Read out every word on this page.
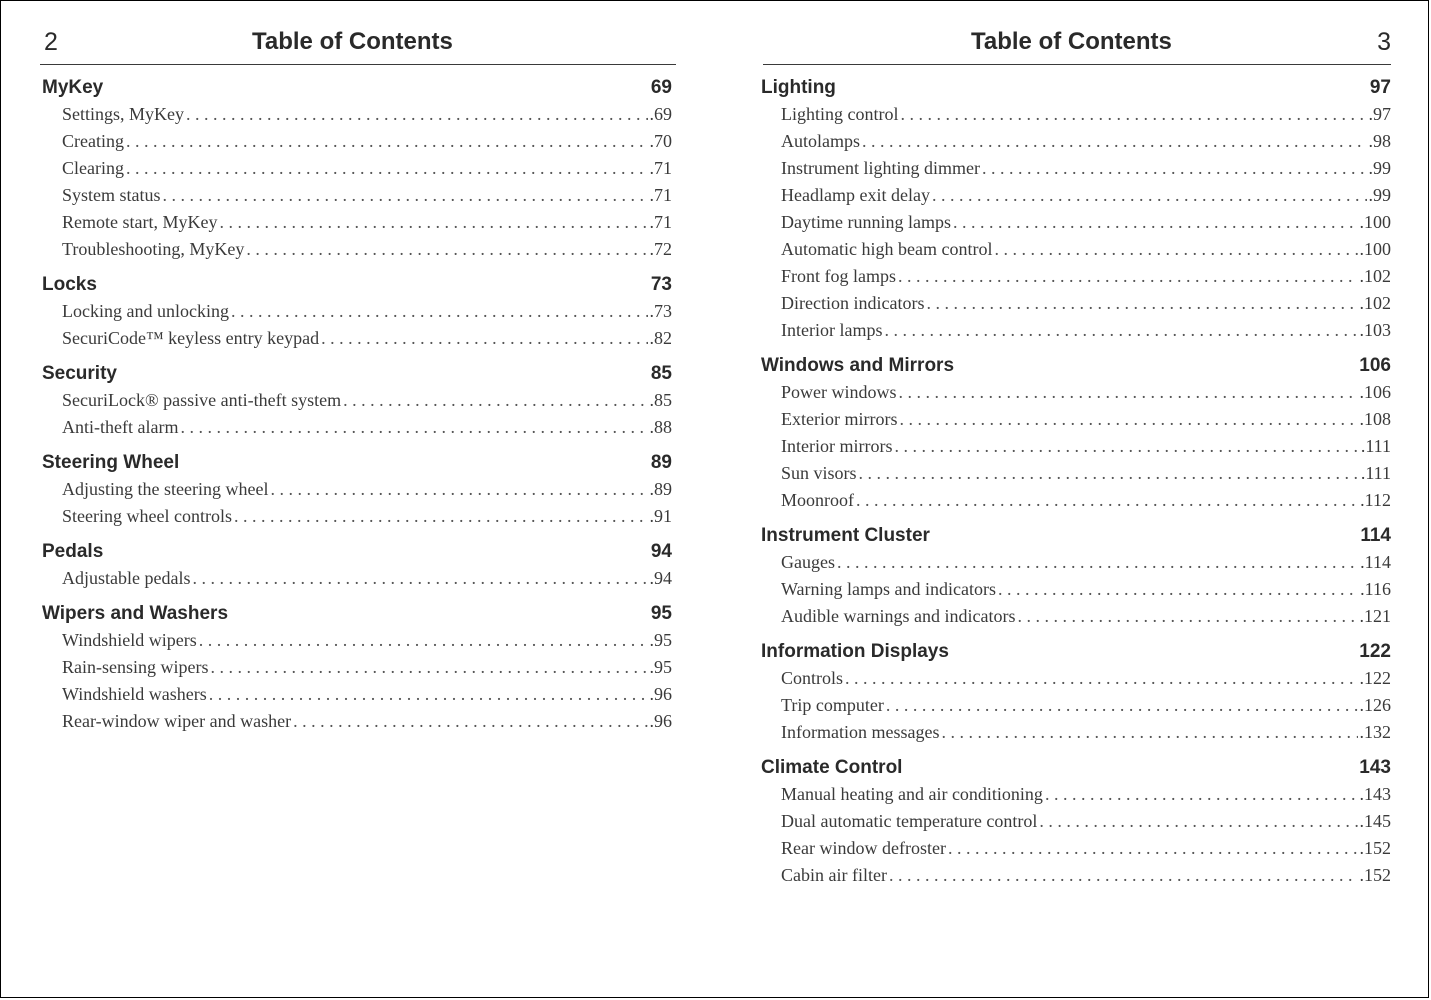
2	Table of Contents
MyKey	69
Settings, MyKey . . .	.69
Creating . . .	.70
Clearing . . .	.71
System status . . .	.71
Remote start, MyKey . . .	.71
Troubleshooting, MyKey . . .	.72
Locks	73
Locking and unlocking . . .	.73
SecuriCode™ keyless entry keypad . . .	.82
Security	85
SecuriLock® passive anti-theft system . . .	.85
Anti-theft alarm . . .	.88
Steering Wheel	89
Adjusting the steering wheel . . .	.89
Steering wheel controls . . .	.91
Pedals	94
Adjustable pedals . . .	.94
Wipers and Washers	95
Windshield wipers . . .	.95
Rain-sensing wipers . . .	.95
Windshield washers . . .	.96
Rear-window wiper and washer . . .	.96
Table of Contents	3
Lighting	97
Lighting control . . .	.97
Autolamps . . .	.98
Instrument lighting dimmer . . .	.99
Headlamp exit delay . . .	.99
Daytime running lamps . . .	.100
Automatic high beam control . . .	.100
Front fog lamps . . .	.102
Direction indicators . . .	.102
Interior lamps . . .	.103
Windows and Mirrors	106
Power windows . . .	.106
Exterior mirrors . . .	.108
Interior mirrors . . .	.111
Sun visors . . .	.111
Moonroof . . .	.112
Instrument Cluster	114
Gauges . . .	.114
Warning lamps and indicators . . .	.116
Audible warnings and indicators . . .	.121
Information Displays	122
Controls . . .	.122
Trip computer . . .	.126
Information messages . . .	.132
Climate Control	143
Manual heating and air conditioning . . .	.143
Dual automatic temperature control . . .	.145
Rear window defroster . . .	.152
Cabin air filter . . .	.152
